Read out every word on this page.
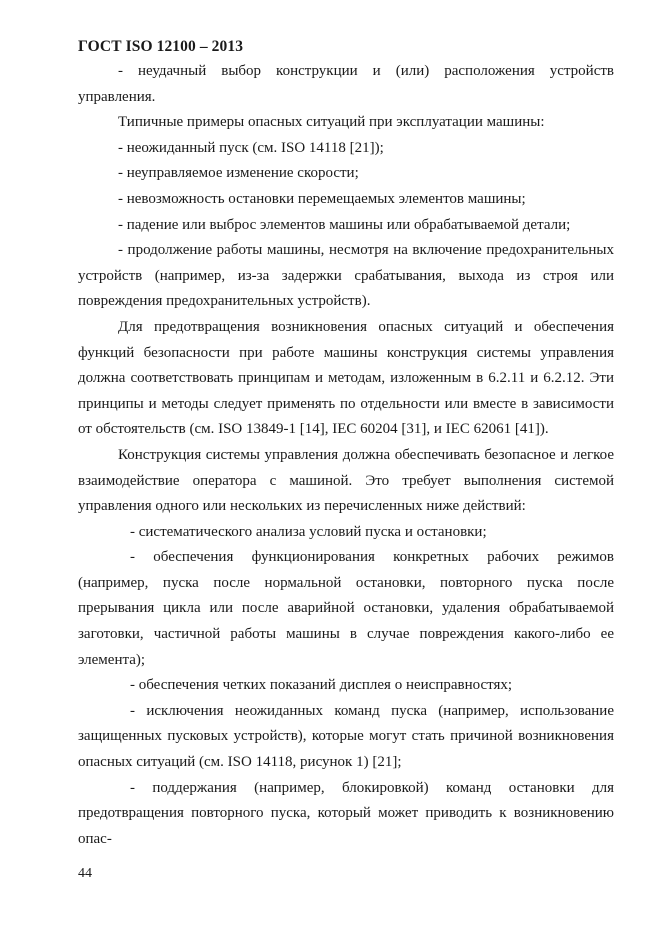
ГОСТ ISO 12100 – 2013

- неудачный выбор конструкции и (или) расположения устройств управления.

Типичные примеры опасных ситуаций при эксплуатации машины:

- неожиданный пуск (см. ISO 14118 [21]);

- неуправляемое изменение скорости;

- невозможность остановки перемещаемых элементов машины;

- падение или выброс элементов машины или обрабатываемой детали;

- продолжение работы машины, несмотря на включение предохранительных устройств (например, из-за задержки срабатывания, выхода из строя или повреждения предохранительных устройств).

Для предотвращения возникновения опасных ситуаций и обеспечения функций безопасности при работе машины конструкция системы управления должна соответствовать принципам и методам, изложенным в 6.2.11 и 6.2.12. Эти принципы и методы следует применять по отдельности или вместе в зависимости от обстоятельств (см. ISO 13849-1 [14], IEC 60204 [31], и IEC 62061 [41]).

Конструкция системы управления должна обеспечивать безопасное и легкое взаимодействие оператора с машиной. Это требует выполнения системой управления одного или нескольких из перечисленных ниже действий:

- систематического анализа условий пуска и остановки;

- обеспечения функционирования конкретных рабочих режимов (например, пуска после нормальной остановки, повторного пуска после прерывания цикла или после аварийной остановки, удаления обрабатываемой заготовки, частичной работы машины в случае повреждения какого-либо ее элемента);

- обеспечения четких показаний дисплея о неисправностях;

- исключения неожиданных команд пуска (например, использование защищенных пусковых устройств), которые могут стать причиной возникновения опасных ситуаций (см. ISO 14118, рисунок 1) [21];

- поддержания (например, блокировкой) команд остановки для предотвращения повторного пуска, который может приводить к возникновению опас-

44
